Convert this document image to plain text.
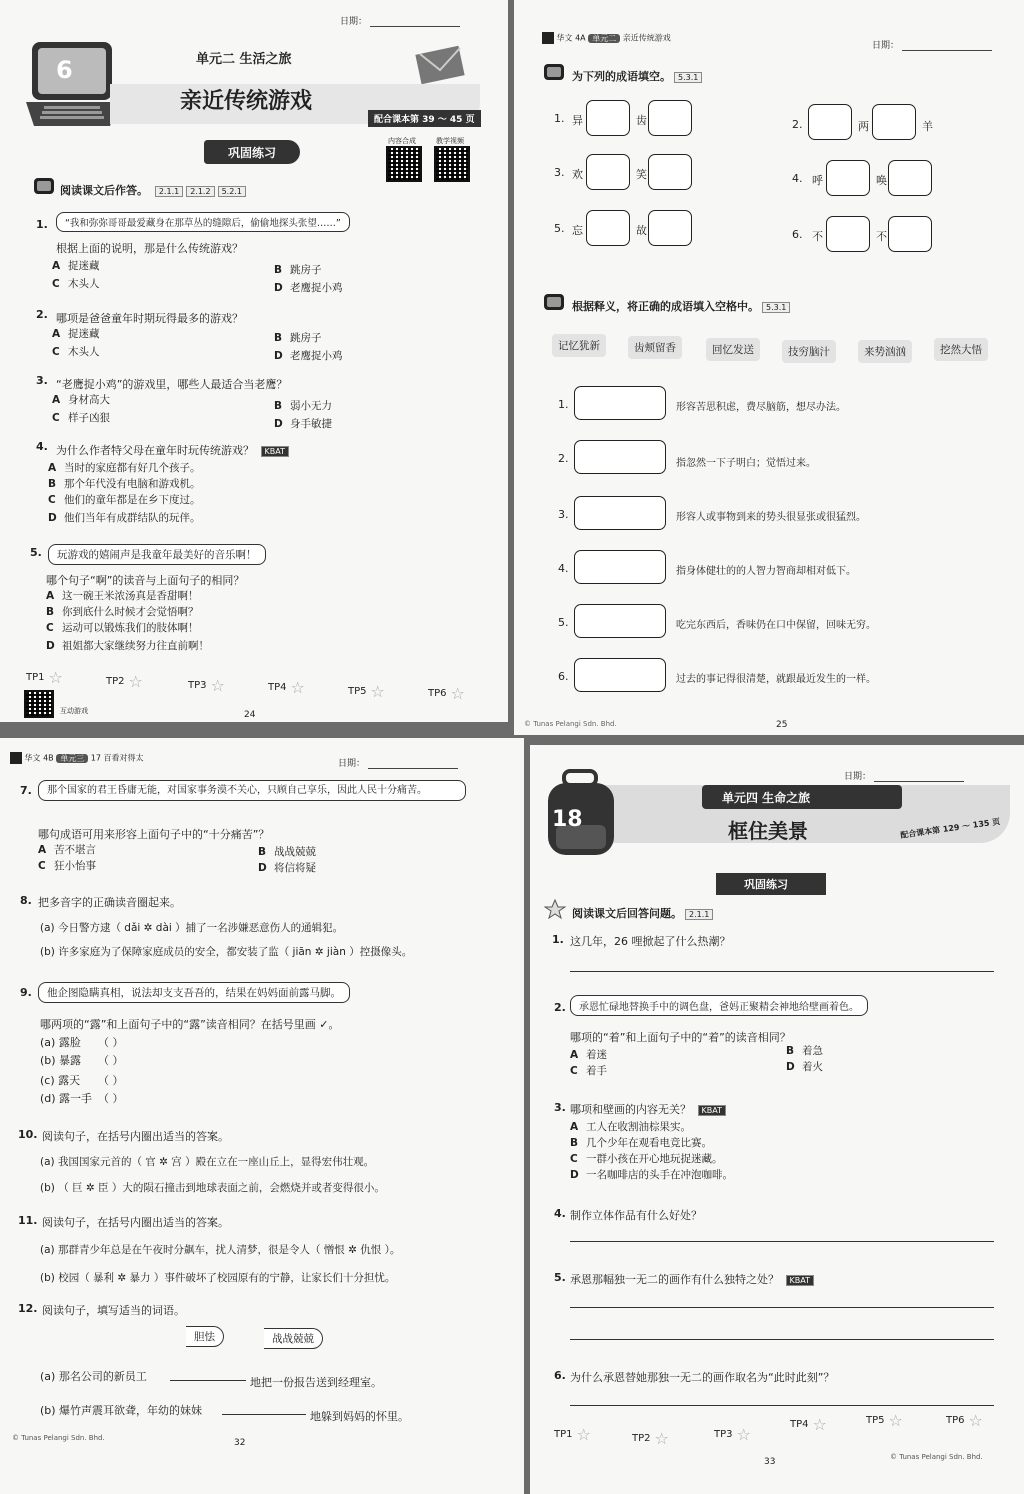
日期：
6	单元二 生活之旅
亲近传统游戏
配合课本第 39 ～ 45 页
内容合成	教学视频
巩固练习
阅读课文后作答。 2.1.1 2.1.2 5.2.1
1.	“我和弥弥哥哥最爱藏身在那草丛的缝隙后，偷偷地探头张望……”
根据上面的说明，那是什么传统游戏？
A 捉迷藏	B 跳房子
C 木头人	D 老鹰捉小鸡
2. 哪项是爸爸童年时期玩得最多的游戏？
A 捉迷藏	B 跳房子
C 木头人	D 老鹰捉小鸡
3. “老鹰捉小鸡”的游戏里，哪些人最适合当老鹰？
A 身材高大	B 弱小无力
C 样子凶狠	D 身手敏捷
4. 为什么作者特父母在童年时玩传统游戏？ KBAT
A 当时的家庭都有好几个孩子。
B 那个年代没有电脑和游戏机。
C 他们的童年都是在乡下度过。
D 他们当年有成群结队的玩伴。
5.	玩游戏的嬉闹声是我童年最美好的音乐啊！
哪个句子“啊”的读音与上面句子的相同？
A 这一碗王米浓汤真是香甜啊！
B 你到底什么时候才会觉悟啊？
C 运动可以锻炼我们的肢体啊！
D 祖姐都大家继续努力往直前啊！
TP1 ☆	TP2 ☆	TP3 ☆	TP4 ☆	TP5 ☆	TP6 ☆
互动游戏	24
华文 4A 单元二 亲近传统游戏
日期：
为下列的成语填空。 5.3.1
1. 异	齿	2.	两	羊
3. 欢	笑	4. 呼	唤
5. 忘	故	6. 不	不
根据释义，将正确的成语填入空格中。 5.3.1
记忆犹新	齿颊留香	回忆发送	技穷脑汁	来势汹汹	挖然大悟
1.	形容苦思积虑，费尽脑筋，想尽办法。
2.	指忽然一下子明白；觉悟过来。
3.	形容人或事物到来的势头很显张或很猛烈。
4.	指身体健壮的的人智力智商却相对低下。
5.	吃完东西后，香味仍在口中保留，回味无穷。
6.	过去的事记得很清楚，就跟最近发生的一样。
© Tunas Pelangi Sdn. Bhd.	25
华文 4B 单元三 17 百看对得太
日期：
7.	那个国家的君王昏庸无能，对国家事务漠不关心，只顾自己享乐，因此人民十分痛苦。
哪句成语可用来形容上面句子中的“十分痛苦”？
A 苦不堪言	B 战战兢兢
C 狂小怡事	D 将信将疑
8. 把多音字的正确读音圈起来。
(a) 今日警方逮（ dǎi ✲ dài ）捕了一名涉嫌恶意伤人的通辑犯。
(b) 许多家庭为了保障家庭成员的安全，都安装了监（ jiān ✲ jiàn ）控摄像头。
9.	他企图隐瞒真相，说法却支支吾吾的，结果在妈妈面前露马脚。
哪两项的“露”和上面句子中的“露”读音相同？在括号里画 ✓。
(a) 露脸 （ ）
(b) 暴露 （ ）
(c) 露天 （ ）
(d) 露一手 （ ）
10. 阅读句子，在括号内圈出适当的答案。
(a) 我国国家元首的（ 官 ✲ 宫 ）殿在立在一座山丘上，显得宏伟壮观。
(b) （ 巨 ✲ 臣 ）大的陨石撞击到地球表面之前，会燃烧并或者变得很小。
11. 阅读句子，在括号内圈出适当的答案。
(a) 那群青少年总是在午夜时分飙车，扰人清梦，很是令人（ 憎恨 ✲ 仇恨 ）。
(b) 校园（ 暴利 ✲ 暴力 ）事件破坏了校园原有的宁静，让家长们十分担忧。
12. 阅读句子，填写适当的词语。
胆怯	战战兢兢
(a) 那名公司的新员工	地把一份报告送到经理室。
(b) 爆竹声震耳欲聋，年幼的妹妹	地躲到妈妈的怀里。
© Tunas Pelangi Sdn. Bhd.	32
日期：
单元四 生命之旅
框住美景	配合课本第 129 ～ 135 页
18
巩固练习
阅读课文后回答问题。 2.1.1
1. 这几年，26 哩掀起了什么热潮？
2.	承恩忙碌地替换手中的调色盘，爸妈正聚精会神地给壁画着色。
哪项的“着”和上面句子中的“着”的读音相同？
A 着迷	B 着急
C 着手	D 着火
3. 哪项和壁画的内容无关？ KBAT
A 工人在收割油棕果实。
B 几个少年在观看电竞比赛。
C 一群小孩在开心地玩捉迷藏。
D 一名咖啡店的头手在冲泡咖啡。
4. 制作立体作品有什么好处？
5. 承恩那幅独一无二的画作有什么独特之处？ KBAT
6. 为什么承恩替她那独一无二的画作取名为“此时此刻”？
TP1 ☆	TP2 ☆	TP3 ☆
TP4 ☆	TP5 ☆	TP6 ☆
33	© Tunas Pelangi Sdn. Bhd.
